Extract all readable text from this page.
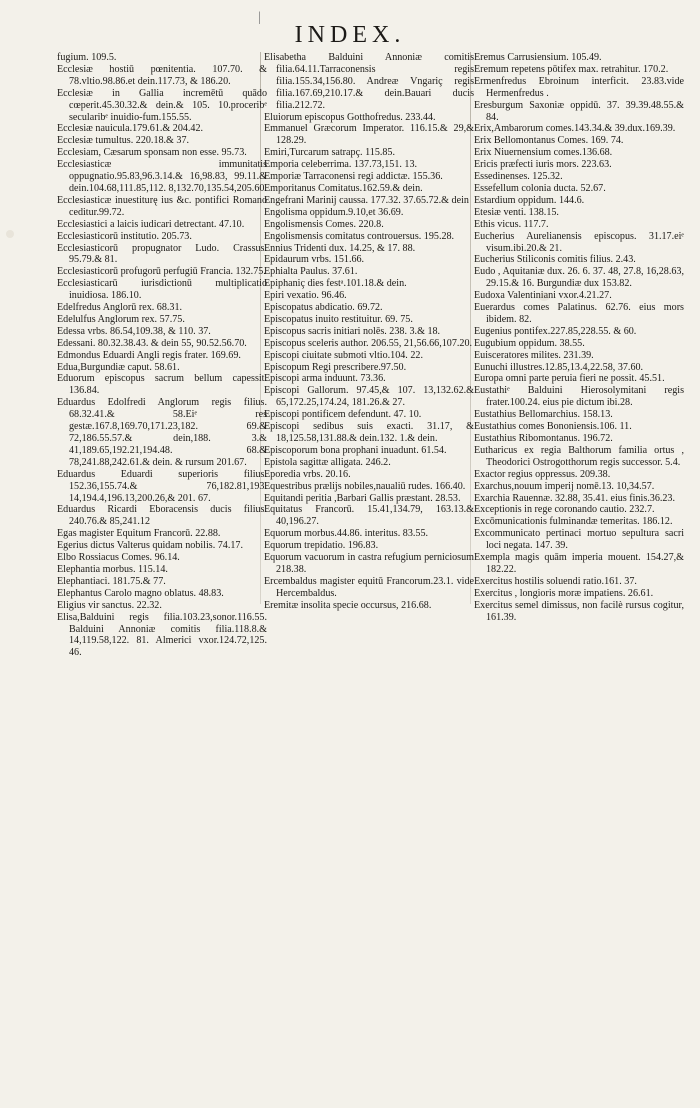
|
INDEX.
fugium. 109.5.
Ecclesiæ hostiū pœnitentia. 107.70. & 78.vltio.98.86.et dein.117.73, & 186.20.
Ecclesiæ in Gallia incremētū quādo cœperit.45.30.32.& dein.& 105. 10.proceribᵉ secularibᵉ inuidio-fum.155.55.
Ecclesiæ nauicula.179.61.& 204.42.
Ecclesiæ tumultus. 220.18.& 37.
Ecclesiam, Cæsarum sponsam non esse. 95.73.
Ecclesiasticæ immunitatis oppugnatio.95.83,96.3.14.& 16,98.83, 99.11.& dein.104.68,111.85,112. 8,132.70,135.54,205.60.
Ecclesiasticæ inuestiturę ius &c. pontifici Romano ceditur.99.72.
Ecclesiastici a laicis iudicari detrectant. 47.10.
Ecclesiasticorū institutio. 205.73.
Ecclesiasticorū propugnator Ludo. Crassus. 95.79.& 81.
Ecclesiasticorū profugorū perfugiū Francia. 132.75.
Ecclesiasticarū iurisdictionū multiplicatio inuidiosa. 186.10.
Edelfredus Anglorū rex. 68.31.
Edelulfus Anglorum rex. 57.75.
Edessa vrbs. 86.54,109.38, & 110. 37.
Edessani. 80.32.38.43. & dein 55, 90.52.56.70.
Edmondus Eduardi Angli regis frater. 169.69.
Edua,Burgundiæ caput. 58.61.
Eduorum episcopus sacrum bellum capessit. 136.84.
Eduardus Edolfredi Anglorum regis filius. 68.32.41.& 58.Eiᵉ res gestæ.167.8,169.70,171.23,182. 69.& 72,186.55.57.& dein,188. 3.& 41,189.65,192.21,194.48. 68.& 78,241.88,242.61.& dein. & rursum 201.67.
Eduardus Eduardi superioris filius. 152.36,155.74.& 76,182.81,193. 14,194.4,196.13,200.26,& 201. 67.
Eduardus Ricardi Eboracensis ducis filius. 240.76.& 85,241.12
Egas magister Equitum Francorū. 22.88.
Egerius dictus Valterus quidam nobilis. 74.17.
Elbo Rossiacus Comes. 96.14.
Elephantia morbus. 115.14.
Elephantiaci. 181.75.& 77.
Elephantus Carolo magno oblatus. 48.83.
Eligius vir sanctus. 22.32.
Elisa,Balduini regis filia.103.23,sonor.116.55. Balduini Annoniæ comitis filia.118.8.& 14,119.58,122. 81. Almerici vxor.124.72,125. 46.
Elisabetha Balduini Annoniæ comitis filia.64.11.Tarraconensis regis filia.155.34,156.80. Andreæ Vngariç regis filia.167.69,210.17.& dein.Bauari ducis filia.212.72.
Eluiorum episcopus Gotthofredus. 233.44.
Emmanuel Græcorum Imperator. 116.15.& 29,& 128.29.
Emiri,Turcarum satrapç. 115.85.
Emporia celeberrima. 137.73,151. 13.
Emporiæ Tarraconensi regi addictæ. 155.36.
Emporitanus Comitatus.162.59.& dein.
Engefrani Marinij caussa. 177.32. 37.65.72.& dein
Engolisma oppidum.9.10,et 36.69.
Engolismensis Comes. 220.8.
Engolismensis comitatus controuersus. 195.28.
Ennius Tridenti dux. 14.25, & 17. 88.
Epidaurum vrbs. 151.66.
Ephialta Paulus. 37.61.
Epiphaniç dies festᵃ.101.18.& dein.
Epiri vexatio. 96.46.
Episcopatus abdicatio. 69.72.
Episcopatus inuito restituitur. 69. 75.
Episcopus sacris initiari nolēs. 238. 3.& 18.
Episcopus sceleris author. 206.55, 21,56.66,107.20.
Episcopi ciuitate submoti vltio.104. 22.
Episcopum Regi prescribere.97.50.
Episcopi arma induunt. 73.36.
Episcopi Gallorum. 97.45,& 107. 13,132.62.& 65,172.25,174.24, 181.26.& 27.
Episcopi pontificem defendunt. 47. 10.
Episcopi sedibus suis exacti. 31.17, & 18,125.58,131.88.& dein.132. 1.& dein.
Episcoporum bona prophani inuadunt. 61.54.
Epistola sagittæ alligata. 246.2.
Eporedia vrbs. 20.16.
Equestribus prælijs nobiles,naualiū rudes. 166.40.
Equitandi peritia ,Barbari Gallis præstant. 28.53.
Equitatus Francorū. 15.41,134.79, 163.13.& 40,196.27.
Equorum morbus.44.86. interitus. 83.55.
Equorum trepidatio. 196.83.
Equorum vacuorum in castra refugium perniciosum 218.38.
Ercembaldus magister equitū Francorum.23.1. vide Hercembaldus.
Eremitæ insolita specie occursus, 216.68.
Eremus Carrusiensium. 105.49.
Eremum repetens pōtifex max. retrahitur. 170.2.
Ermenfredus Ebroinum interficit. 23.83.vide Hermenfredus .
Eresburgum Saxoniæ oppidū. 37. 39.39.48.55.& 84.
Erix,Ambarorum comes.143.34.& 39.dux.169.39.
Erix Bellomontanus Comes. 169. 74.
Erix Niuernensium comes.136.68.
Ericis præfecti iuris mors. 223.63.
Essedinenses. 125.32.
Essefellum colonia ducta. 52.67.
Estardium oppidum. 144.6.
Etesiæ venti. 138.15.
Ethis vicus. 117.7.
Eucherius Aurelianensis episcopus. 31.17.eiᵉ visum.ibi.20.& 21.
Eucherius Stiliconis comitis filius. 2.43.
Eudo , Aquitaniæ dux. 26. 6. 37. 48, 27.8, 16,28.63, 29.15.& 16. Burgundiæ dux 153.82.
Eudoxa Valentiniani vxor.4.21.27.
Euerardus comes Palatinus. 62.76. eius mors ibidem. 82.
Eugenius pontifex.227.85,228.55. & 60.
Eugubium oppidum. 38.55.
Euisceratores milites. 231.39.
Eunuchi illustres.12.85,13.4,22.58, 37.60.
Europa omni parte peruia fieri ne possit. 45.51.
Eustathiᵉ Balduini Hierosolymitani regis frater.100.24. eius pie dictum ibi.28.
Eustathius Bellomarchius. 158.13.
Eustathius comes Bononiensis.106. 11.
Eustathius Ribomontanus. 196.72.
Eutharicus ex regia Balthorum familia ortus , Theodorici Ostrogotthorum regis successor. 5.4.
Exactor regius oppressus. 209.38.
Exarchus,nouum imperij nomē.13. 10,34.57.
Exarchia Rauennæ. 32.88, 35.41. eius finis.36.23.
Exceptionis in rege coronando cautio. 232.7.
Excōmunicationis fulminandæ temeritas. 186.12.
Excommunicato pertinaci mortuo sepultura sacri loci negata. 147. 39.
Exempla magis quām imperia mouent. 154.27,& 182.22.
Exercitus hostilis soluendi ratio.161. 37.
Exercitus , longioris moræ impatiens. 26.61.
Exercitus semel dimissus, non facilè rursus cogitur, 161.39.
